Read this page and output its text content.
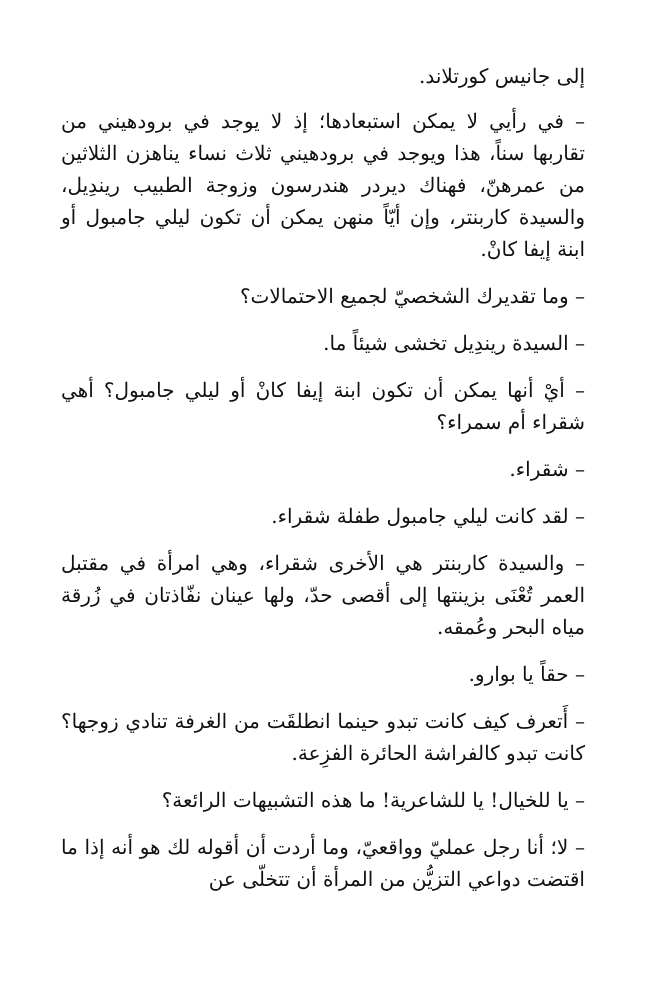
إلى جانيس كورتلاند.

– في رأيي لا يمكن استبعادها؛ إذ لا يوجد في برودهيني من تقاربها سناً، هذا ويوجد في برودهيني ثلاث نساء يناهزن الثلاثين من عمرهنّ، فهناك ديردر هندرسون وزوجة الطبيب ريندِيل، والسيدة كاربنتر، وإن أيّاً منهن يمكن أن تكون ليلي جامبول أو ابنة إيفا كانْ.

– وما تقديرك الشخصيّ لجميع الاحتمالات؟

– السيدة ريندِيل تخشى شيئاً ما.

– أيْ أنها يمكن أن تكون ابنة إيفا كانْ أو ليلي جامبول؟ أهي شقراء أم سمراء؟

– شقراء.

– لقد كانت ليلي جامبول طفلة شقراء.

– والسيدة كاربنتر هي الأخرى شقراء، وهي امرأة في مقتبل العمر تُعْنَى بزينتها إلى أقصى حدّ، ولها عينان نفّاذتان في زُرقة مياه البحر وعُمقه.

– حقاً يا بوارو.

– أَتعرف كيف كانت تبدو حينما انطلقَت من الغرفة تنادي زوجها؟ كانت تبدو كالفراشة الحائرة الفزِعة.

– يا للخيال! يا للشاعرية! ما هذه التشبيهات الرائعة؟

– لا؛ أنا رجل عمليّ وواقعيّ، وما أردت أن أقوله لك هو أنه إذا ما اقتضت دواعي التزيُّن من المرأة أن تتخلّى عن
